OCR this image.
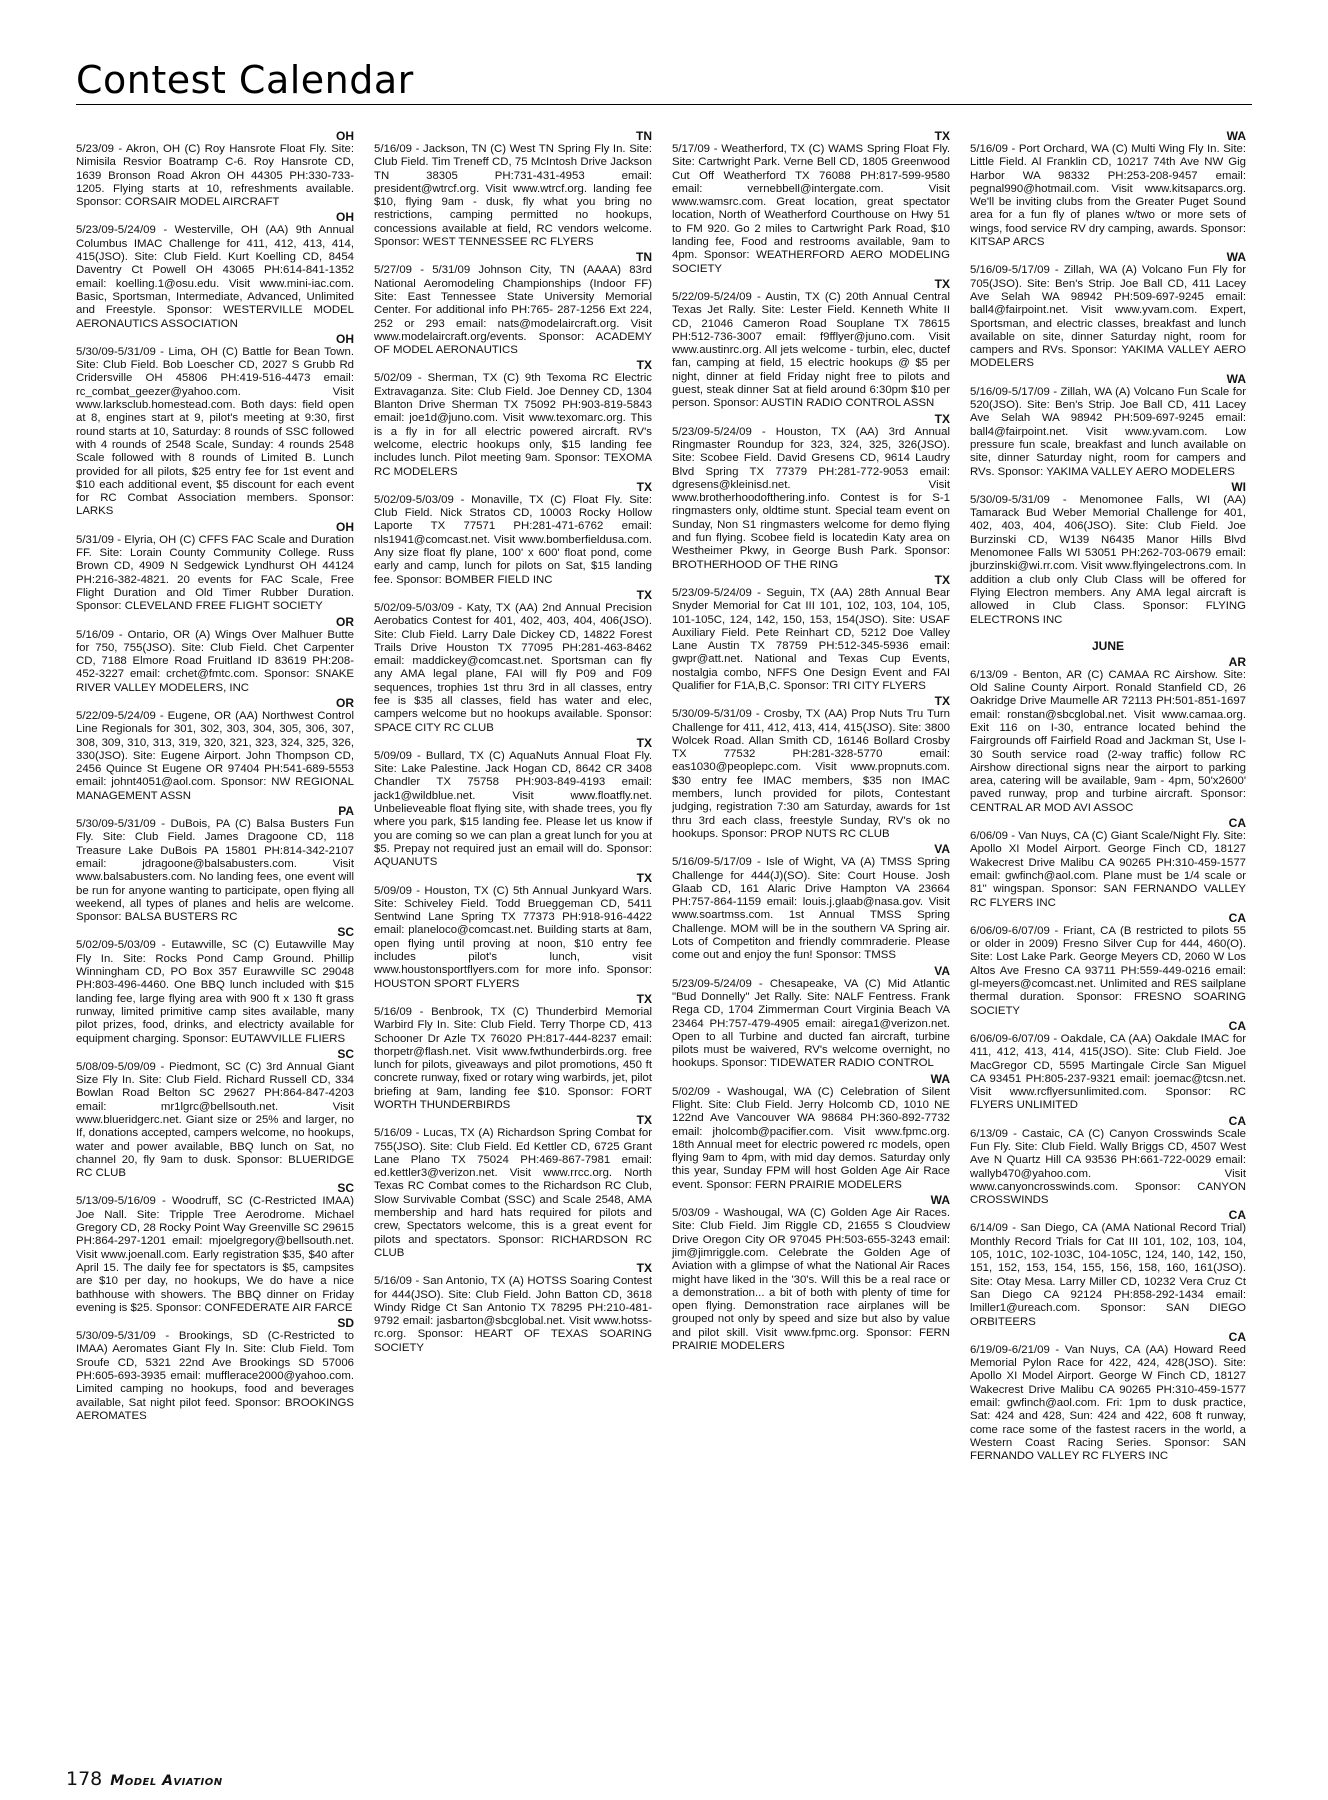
Contest Calendar
OH

5/23/09 - Akron, OH (C) Roy Hansrote Float Fly. Site: Nimisila Resvior Boatramp C-6. Roy Hansrote CD, 1639 Bronson Road Akron OH 44305 PH:330-733-1205. Flying starts at 10, refreshments available. Sponsor: CORSAIR MODEL AIRCRAFT

OH

5/23/09-5/24/09 - Westerville, OH (AA) 9th Annual Columbus IMAC Challenge for 411, 412, 413, 414, 415(JSO). Site: Club Field. Kurt Koelling CD, 8454 Daventry Ct Powell OH 43065 PH:614-841-1352 email: koelling.1@osu.edu. Visit www.mini-iac.com. Basic, Sportsman, Intermediate, Advanced, Unlimited and Freestyle. Sponsor: WESTERVILLE MODEL AERONAUTICS ASSOCIATION

OH

5/30/09-5/31/09 - Lima, OH (C) Battle for Bean Town. Site: Club Field. Bob Loescher CD, 2027 S Grubb Rd Cridersville OH 45806 PH:419-516-4473 email: rc_combat_geezer@yahoo.com. Visit www.larksclub.homestead.com. Both days: field open at 8, engines start at 9, pilot's meeting at 9:30, first round starts at 10, Saturday: 8 rounds of SSC followed with 4 rounds of 2548 Scale, Sunday: 4 rounds 2548 Scale followed with 8 rounds of Limited B. Lunch provided for all pilots, $25 entry fee for 1st event and $10 each additional event, $5 discount for each event for RC Combat Association members. Sponsor: LARKS

OH

5/31/09 - Elyria, OH (C) CFFS FAC Scale and Duration FF. Site: Lorain County Community College. Russ Brown CD, 4909 N Sedgewick Lyndhurst OH 44124 PH:216-382-4821. 20 events for FAC Scale, Free Flight Duration and Old Timer Rubber Duration. Sponsor: CLEVELAND FREE FLIGHT SOCIETY

OR

5/16/09 - Ontario, OR (A) Wings Over Malhuer Butte for 750, 755(JSO). Site: Club Field. Chet Carpenter CD, 7188 Elmore Road Fruitland ID 83619 PH:208-452-3227 email: crchet@fmtc.com. Sponsor: SNAKE RIVER VALLEY MODELERS, INC

OR

5/22/09-5/24/09 - Eugene, OR (AA) Northwest Control Line Regionals for 301, 302, 303, 304, 305, 306, 307, 308, 309, 310, 313, 319, 320, 321, 323, 324, 325, 326, 330(JSO). Site: Eugene Airport. John Thompson CD, 2456 Quince St Eugene OR 97404 PH:541-689-5553 email: johnt4051@aol.com. Sponsor: NW REGIONAL MANAGEMENT ASSN

PA

5/30/09-5/31/09 - DuBois, PA (C) Balsa Busters Fun Fly. Site: Club Field. James Dragoone CD, 118 Treasure Lake DuBois PA 15801 PH:814-342-2107 email: jdragoone@balsabusters.com. Visit www.balsabusters.com. No landing fees, one event will be run for anyone wanting to participate, open flying all weekend, all types of planes and helis are welcome. Sponsor: BALSA BUSTERS RC

SC

5/02/09-5/03/09 - Eutawville, SC (C) Eutawville May Fly In. Site: Rocks Pond Camp Ground. Phillip Winningham CD, PO Box 357 Eurawville SC 29048 PH:803-496-4460. One BBQ lunch included with $15 landing fee, large flying area with 900 ft x 130 ft grass runway, limited primitive camp sites available, many pilot prizes, food, drinks, and electricty available for equipment charging. Sponsor: EUTAWVILLE FLIERS

SC

5/08/09-5/09/09 - Piedmont, SC (C) 3rd Annual Giant Size Fly In. Site: Club Field. Richard Russell CD, 334 Bowlan Road Belton SC 29627 PH:864-847-4203 email: mr1lgrc@bellsouth.net. Visit www.blueridgerc.net. Giant size or 25% and larger, no If, donations accepted, campers welcome, no hookups, water and power available, BBQ lunch on Sat, no channel 20, fly 9am to dusk. Sponsor: BLUERIDGE RC CLUB

SC

5/13/09-5/16/09 - Woodruff, SC (C-Restricted IMAA) Joe Nall. Site: Tripple Tree Aerodrome. Michael Gregory CD, 28 Rocky Point Way Greenville SC 29615 PH:864-297-1201 email: mjoelgregory@bellsouth.net. Visit www.joenall.com. Early registration $35, $40 after April 15. The daily fee for spectators is $5, campsites are $10 per day, no hookups, We do have a nice bathhouse with showers. The BBQ dinner on Friday evening is $25. Sponsor: CONFEDERATE AIR FARCE

SD

5/30/09-5/31/09 - Brookings, SD (C-Restricted to IMAA) Aeromates Giant Fly In. Site: Club Field. Tom Sroufe CD, 5321 22nd Ave Brookings SD 57006 PH:605-693-3935 email: mufflerace2000@yahoo.com. Limited camping no hookups, food and beverages available, Sat night pilot feed. Sponsor: BROOKINGS AEROMATES

TN

5/16/09 - Jackson, TN (C) West TN Spring Fly In. Site: Club Field. Tim Treneff CD, 75 McIntosh Drive Jackson TN 38305 PH:731-431-4953 email: president@wtrcf.org. Visit www.wtrcf.org. landing fee $10, flying 9am - dusk, fly what you bring no restrictions, camping permitted no hookups, concessions available at field, RC vendors welcome. Sponsor: WEST TENNESSEE RC FLYERS

TN

5/27/09 - 5/31/09 Johnson City, TN (AAAA) 83rd National Aeromodeling Championships (Indoor FF) Site: East Tennessee State University Memorial Center. For additional info PH:765- 287-1256 Ext 224, 252 or 293 email: nats@modelaircraft.org. Visit www.modelaircraft.org/events. Sponsor: ACADEMY OF MODEL AERONAUTICS

TX

5/02/09 - Sherman, TX (C) 9th Texoma RC Electric Extravaganza. Site: Club Field. Joe Denney CD, 1304 Blanton Drive Sherman TX 75092 PH:903-819-5843 email: joe1d@juno.com. Visit www.texomarc.org. This is a fly in for all electric powered aircraft. RV's welcome, electric hookups only, $15 landing fee includes lunch. Pilot meeting 9am. Sponsor: TEXOMA RC MODELERS

TX

5/02/09-5/03/09 - Monaville, TX (C) Float Fly. Site: Club Field. Nick Stratos CD, 10003 Rocky Hollow Laporte TX 77571 PH:281-471-6762 email: nls1941@comcast.net. Visit www.bomberfieldusa.com. Any size float fly plane, 100' x 600' float pond, come early and camp, lunch for pilots on Sat, $15 landing fee. Sponsor: BOMBER FIELD INC

TX

5/02/09-5/03/09 - Katy, TX (AA) 2nd Annual Precision Aerobatics Contest for 401, 402, 403, 404, 406(JSO). Site: Club Field. Larry Dale Dickey CD, 14822 Forest Trails Drive Houston TX 77095 PH:281-463-8462 email: maddickey@comcast.net. Sportsman can fly any AMA legal plane, FAI will fly P09 and F09 sequences, trophies 1st thru 3rd in all classes, entry fee is $35 all classes, field has water and elec, campers welcome but no hookups available. Sponsor: SPACE CITY RC CLUB

TX

5/09/09 - Bullard, TX (C) AquaNuts Annual Float Fly. Site: Lake Palestine. Jack Hogan CD, 8642 CR 3408 Chandler TX 75758 PH:903-849-4193 email: jack1@wildblue.net. Visit www.floatfly.net. Unbelieveable float flying site, with shade trees, you fly where you park, $15 landing fee. Please let us know if you are coming so we can plan a great lunch for you at $5. Prepay not required just an email will do. Sponsor: AQUANUTS

TX

5/09/09 - Houston, TX (C) 5th Annual Junkyard Wars. Site: Schiveley Field. Todd Brueggeman CD, 5411 Sentwind Lane Spring TX 77373 PH:918-916-4422 email: planeloco@comcast.net. Building starts at 8am, open flying until proving at noon, $10 entry fee includes pilot's lunch, visit www.houstonsportflyers.com for more info. Sponsor: HOUSTON SPORT FLYERS

TX

5/16/09 - Benbrook, TX (C) Thunderbird Memorial Warbird Fly In. Site: Club Field. Terry Thorpe CD, 413 Schooner Dr Azle TX 76020 PH:817-444-8237 email: thorpetr@flash.net. Visit www.fwthunderbirds.org. free lunch for pilots, giveaways and pilot promotions, 450 ft concrete runway, fixed or rotary wing warbirds, jet, pilot briefing at 9am, landing fee $10. Sponsor: FORT WORTH THUNDERBIRDS

TX

5/16/09 - Lucas, TX (A) Richardson Spring Combat for 755(JSO). Site: Club Field. Ed Kettler CD, 6725 Grant Lane Plano TX 75024 PH:469-867-7981 email: ed.kettler3@verizon.net. Visit www.rrcc.org. North Texas RC Combat comes to the Richardson RC Club, Slow Survivable Combat (SSC) and Scale 2548, AMA membership and hard hats required for pilots and crew, Spectators welcome, this is a great event for pilots and spectators. Sponsor: RICHARDSON RC CLUB

TX

5/16/09 - San Antonio, TX (A) HOTSS Soaring Contest for 444(JSO). Site: Club Field. John Batton CD, 3618 Windy Ridge Ct San Antonio TX 78295 PH:210-481-9792 email: jasbarton@sbcglobal.net. Visit www.hotss-rc.org. Sponsor: HEART OF TEXAS SOARING SOCIETY

TX

5/17/09 - Weatherford, TX (C) WAMS Spring Float Fly. Site: Cartwright Park. Verne Bell CD, 1805 Greenwood Cut Off Weatherford TX 76088 PH:817-599-9580 email: vernebbell@intergate.com. Visit www.wamsrc.com. Great location, great spectator location, North of Weatherford Courthouse on Hwy 51 to FM 920. Go 2 miles to Cartwright Park Road, $10 landing fee, Food and restrooms available, 9am to 4pm. Sponsor: WEATHERFORD AERO MODELING SOCIETY

TX

5/22/09-5/24/09 - Austin, TX (C) 20th Annual Central Texas Jet Rally. Site: Lester Field. Kenneth White II CD, 21046 Cameron Road Souplane TX 78615 PH:512-736-3007 email: f9fflyer@juno.com. Visit www.austinrc.org. All jets welcome - turbin, elec, ductef fan, camping at field, 15 electric hookups @ $5 per night, dinner at field Friday night free to pilots and guest, steak dinner Sat at field around 6:30pm $10 per person. Sponsor: AUSTIN RADIO CONTROL ASSN

TX

5/23/09-5/24/09 - Houston, TX (AA) 3rd Annual Ringmaster Roundup for 323, 324, 325, 326(JSO). Site: Scobee Field. David Gresens CD, 9614 Laudry Blvd Spring TX 77379 PH:281-772-9053 email: dgresens@kleinisd.net. Visit www.brotherhoodofthering.info. Contest is for S-1 ringmasters only, oldtime stunt. Special team event on Sunday, Non S1 ringmasters welcome for demo flying and fun flying. Scobee field is locatedin Katy area on Westheimer Pkwy, in George Bush Park. Sponsor: BROTHERHOOD OF THE RING

TX

5/23/09-5/24/09 - Seguin, TX (AA) 28th Annual Bear Snyder Memorial for Cat III 101, 102, 103, 104, 105, 101-105C, 124, 142, 150, 153, 154(JSO). Site: USAF Auxiliary Field. Pete Reinhart CD, 5212 Doe Valley Lane Austin TX 78759 PH:512-345-5936 email: gwpr@att.net. National and Texas Cup Events, nostalgia combo, NFFS One Design Event and FAI Qualifier for F1A,B,C. Sponsor: TRI CITY FLYERS

TX

5/30/09-5/31/09 - Crosby, TX (AA) Prop Nuts Tru Turn Challenge for 411, 412, 413, 414, 415(JSO). Site: 3800 Wolcek Road. Allan Smith CD, 16146 Bollard Crosby TX 77532 PH:281-328-5770 email: eas1030@peoplepc.com. Visit www.propnuts.com. $30 entry fee IMAC members, $35 non IMAC members, lunch provided for pilots, Contestant judging, registration 7:30 am Saturday, awards for 1st thru 3rd each class, freestyle Sunday, RV's ok no hookups. Sponsor: PROP NUTS RC CLUB

VA

5/16/09-5/17/09 - Isle of Wight, VA (A) TMSS Spring Challenge for 444(J)(SO). Site: Court House. Josh Glaab CD, 161 Alaric Drive Hampton VA 23664 PH:757-864-1159 email: louis.j.glaab@nasa.gov. Visit www.soartmss.com. 1st Annual TMSS Spring Challenge. MOM will be in the southern VA Spring air. Lots of Competiton and friendly commraderie. Please come out and enjoy the fun! Sponsor: TMSS

VA

5/23/09-5/24/09 - Chesapeake, VA (C) Mid Atlantic "Bud Donnelly" Jet Rally. Site: NALF Fentress. Frank Rega CD, 1704 Zimmerman Court Virginia Beach VA 23464 PH:757-479-4905 email: airega1@verizon.net. Open to all Turbine and ducted fan aircraft, turbine pilots must be waivered, RV's welcome overnight, no hookups. Sponsor: TIDEWATER RADIO CONTROL

WA

5/02/09 - Washougal, WA (C) Celebration of Silent Flight. Site: Club Field. Jerry Holcomb CD, 1010 NE 122nd Ave Vancouver WA 98684 PH:360-892-7732 email: jholcomb@pacifier.com. Visit www.fpmc.org. 18th Annual meet for electric powered rc models, open flying 9am to 4pm, with mid day demos. Saturday only this year, Sunday FPM will host Golden Age Air Race event. Sponsor: FERN PRAIRIE MODELERS

WA

5/03/09 - Washougal, WA (C) Golden Age Air Races. Site: Club Field. Jim Riggle CD, 21655 S Cloudview Drive Oregon City OR 97045 PH:503-655-3243 email: jim@jimriggle.com. Celebrate the Golden Age of Aviation with a glimpse of what the National Air Races might have liked in the '30's. Will this be a real race or a demonstration... a bit of both with plenty of time for open flying. Demonstration race airplanes will be grouped not only by speed and size but also by value and pilot skill. Visit www.fpmc.org. Sponsor: FERN PRAIRIE MODELERS

WA

5/16/09 - Port Orchard, WA (C) Multi Wing Fly In. Site: Little Field. Al Franklin CD, 10217 74th Ave NW Gig Harbor WA 98332 PH:253-208-9457 email: pegnal990@hotmail.com. Visit www.kitsaparcs.org. We'll be inviting clubs from the Greater Puget Sound area for a fun fly of planes w/two or more sets of wings, food service RV dry camping, awards. Sponsor: KITSAP ARCS

WA

5/16/09-5/17/09 - Zillah, WA (A) Volcano Fun Fly for 705(JSO). Site: Ben's Strip. Joe Ball CD, 411 Lacey Ave Selah WA 98942 PH:509-697-9245 email: ball4@fairpoint.net. Visit www.yvam.com. Expert, Sportsman, and electric classes, breakfast and lunch available on site, dinner Saturday night, room for campers and RVs. Sponsor: YAKIMA VALLEY AERO MODELERS

WA

5/16/09-5/17/09 - Zillah, WA (A) Volcano Fun Scale for 520(JSO). Site: Ben's Strip. Joe Ball CD, 411 Lacey Ave Selah WA 98942 PH:509-697-9245 email: ball4@fairpoint.net. Visit www.yvam.com. Low pressure fun scale, breakfast and lunch available on site, dinner Saturday night, room for campers and RVs. Sponsor: YAKIMA VALLEY AERO MODELERS

WI

5/30/09-5/31/09 - Menomonee Falls, WI (AA) Tamarack Bud Weber Memorial Challenge for 401, 402, 403, 404, 406(JSO). Site: Club Field. Joe Burzinski CD, W139 N6435 Manor Hills Blvd Menomonee Falls WI 53051 PH:262-703-0679 email: jburzinski@wi.rr.com. Visit www.flyingelectrons.com. In addition a club only Club Class will be offered for Flying Electron members. Any AMA legal aircraft is allowed in Club Class. Sponsor: FLYING ELECTRONS INC

JUNE
AR

6/13/09 - Benton, AR (C) CAMAA RC Airshow. Site: Old Saline County Airport. Ronald Stanfield CD, 26 Oakridge Drive Maumelle AR 72113 PH:501-851-1697 email: ronstan@sbcglobal.net. Visit www.camaa.org. Exit 116 on I-30, entrance located behind the Fairgrounds off Fairfield Road and Jackman St, Use I-30 South service road (2-way traffic) follow RC Airshow directional signs near the airport to parking area, catering will be available, 9am - 4pm, 50'x2600' paved runway, prop and turbine aircraft. Sponsor: CENTRAL AR MOD AVI ASSOC

CA

6/06/09 - Van Nuys, CA (C) Giant Scale/Night Fly. Site: Apollo XI Model Airport. George Finch CD, 18127 Wakecrest Drive Malibu CA 90265 PH:310-459-1577 email: gwfinch@aol.com. Plane must be 1/4 scale or 81" wingspan. Sponsor: SAN FERNANDO VALLEY RC FLYERS INC

CA

6/06/09-6/07/09 - Friant, CA (B restricted to pilots 55 or older in 2009) Fresno Silver Cup for 444, 460(O). Site: Lost Lake Park. George Meyers CD, 2060 W Los Altos Ave Fresno CA 93711 PH:559-449-0216 email: gl-meyers@comcast.net. Unlimited and RES sailplane thermal duration. Sponsor: FRESNO SOARING SOCIETY

CA

6/06/09-6/07/09 - Oakdale, CA (AA) Oakdale IMAC for 411, 412, 413, 414, 415(JSO). Site: Club Field. Joe MacGregor CD, 5595 Martingale Circle San Miguel CA 93451 PH:805-237-9321 email: joemac@tcsn.net. Visit www.rcflyersunlimited.com. Sponsor: RC FLYERS UNLIMITED

CA

6/13/09 - Castaic, CA (C) Canyon Crosswinds Scale Fun Fly. Site: Club Field. Wally Briggs CD, 4507 West Ave N Quartz Hill CA 93536 PH:661-722-0029 email: wallyb470@yahoo.com. Visit www.canyoncrosswinds.com. Sponsor: CANYON CROSSWINDS

CA

6/14/09 - San Diego, CA (AMA National Record Trial) Monthly Record Trials for Cat III 101, 102, 103, 104, 105, 101C, 102-103C, 104-105C, 124, 140, 142, 150, 151, 152, 153, 154, 155, 156, 158, 160, 161(JSO). Site: Otay Mesa. Larry Miller CD, 10232 Vera Cruz Ct San Diego CA 92124 PH:858-292-1434 email: lmiller1@ureach.com. Sponsor: SAN DIEGO ORBITEERS

CA

6/19/09-6/21/09 - Van Nuys, CA (AA) Howard Reed Memorial Pylon Race for 422, 424, 428(JSO). Site: Apollo XI Model Airport. George W Finch CD, 18127 Wakecrest Drive Malibu CA 90265 PH:310-459-1577 email: gwfinch@aol.com. Fri: 1pm to dusk practice, Sat: 424 and 428, Sun: 424 and 422, 608 ft runway, come race some of the fastest racers in the world, a Western Coast Racing Series. Sponsor: SAN FERNANDO VALLEY RC FLYERS INC

178 Model Aviation
